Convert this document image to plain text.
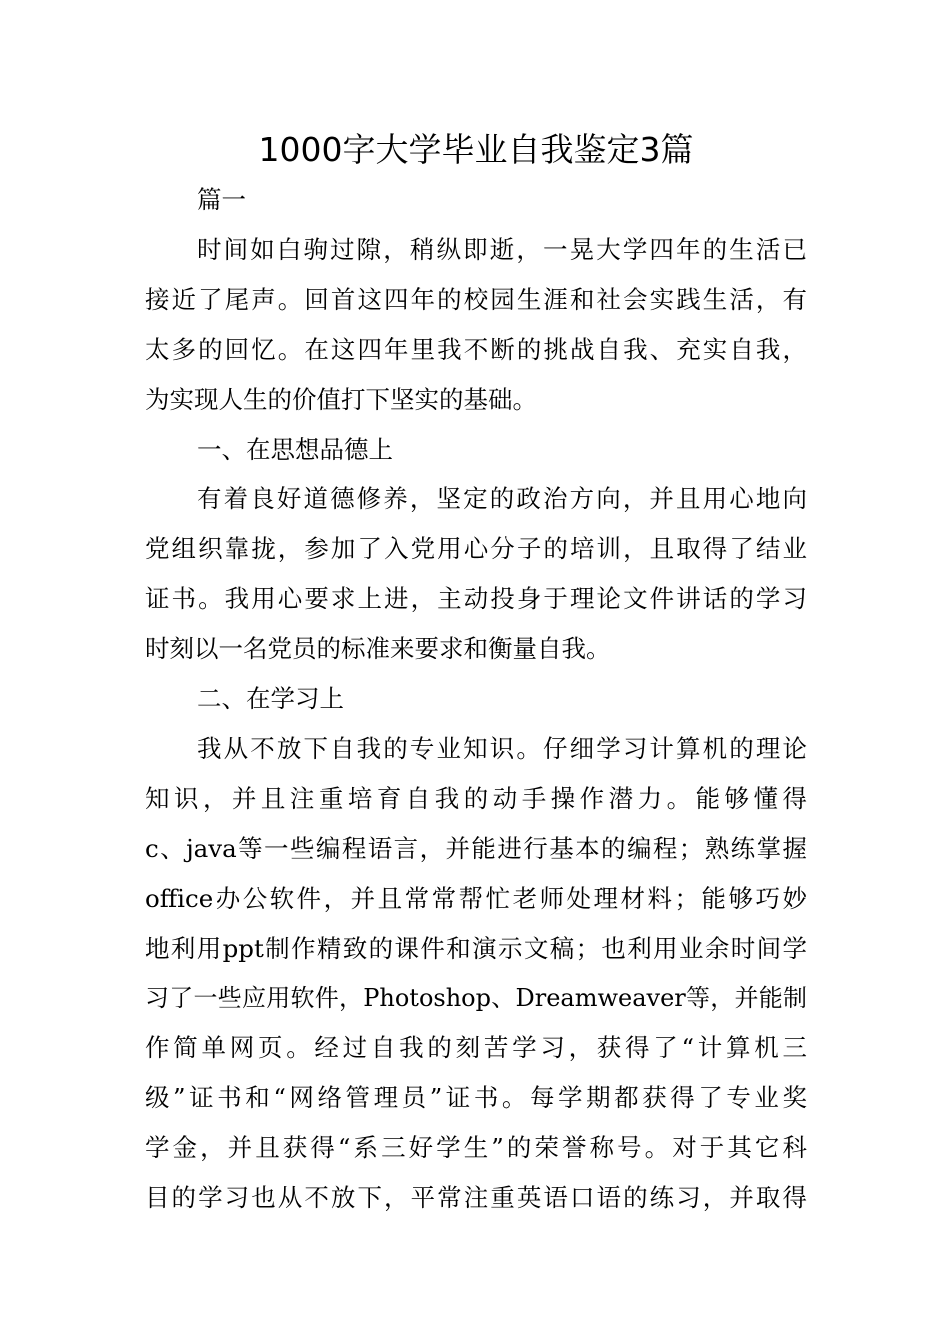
1000字大学毕业自我鉴定3篇
篇一
时间如白驹过隙，稍纵即逝，一晃大学四年的生活已
接近了尾声。回首这四年的校园生涯和社会实践生活，有
太多的回忆。在这四年里我不断的挑战自我、充实自我，
为实现人生的价值打下坚实的基础。
一、在思想品德上
有着良好道德修养，坚定的政治方向，并且用心地向
党组织靠拢，参加了入党用心分子的培训，且取得了结业
证书。我用心要求上进，主动投身于理论文件讲话的学习
时刻以一名党员的标准来要求和衡量自我。
二、在学习上
我从不放下自我的专业知识。仔细学习计算机的理论
知识，并且注重培育自我的动手操作潜力。能够懂得
c、java等一些编程语言，并能进行基本的编程；熟练掌握
office办公软件，并且常常帮忙老师处理材料；能够巧妙
地利用ppt制作精致的课件和演示文稿；也利用业余时间学
习了一些应用软件，Photoshop、Dreamweaver等，并能制
作简单网页。经过自我的刻苦学习，获得了“计算机三
级”证书和“网络管理员”证书。每学期都获得了专业奖
学金，并且获得“系三好学生”的荣誉称号。对于其它科
目的学习也从不放下，平常注重英语口语的练习，并取得
